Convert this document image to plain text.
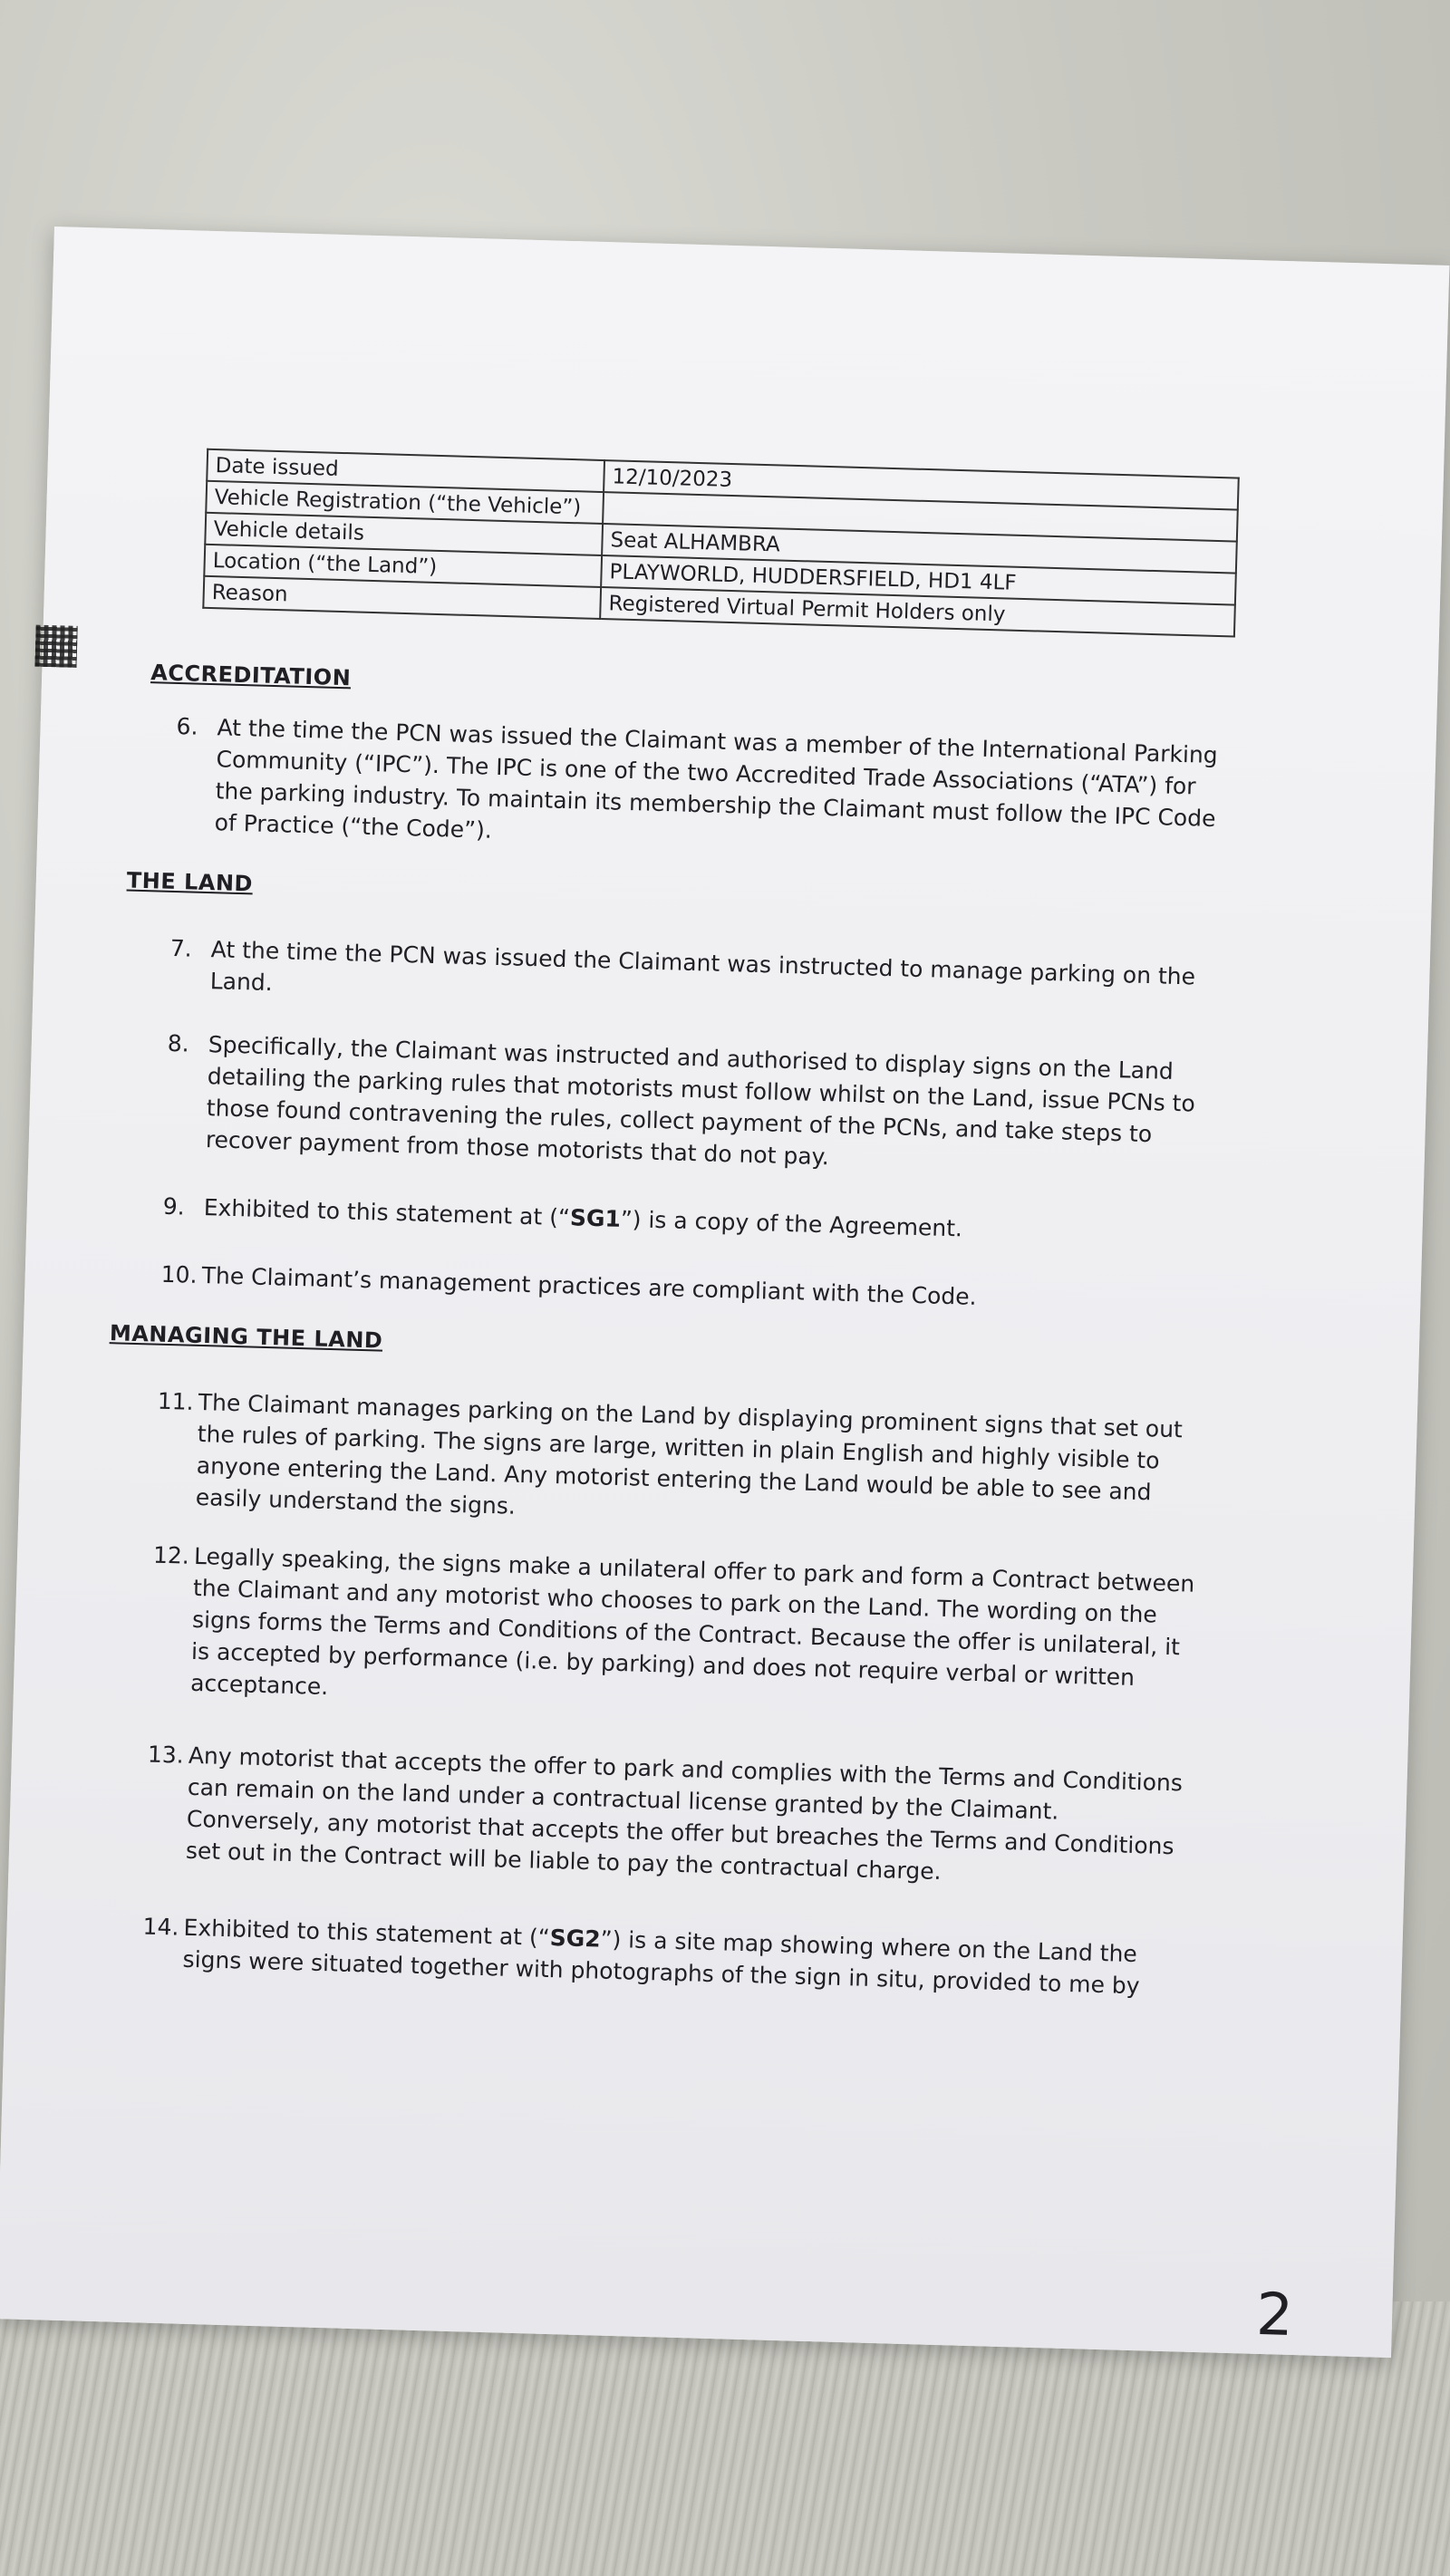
Date issued	12/10/2023
Vehicle Registration (“the Vehicle”)	
Vehicle details	Seat ALHAMBRA
Location (“the Land”)	PLAYWORLD, HUDDERSFIELD, HD1 4LF
Reason	Registered Virtual Permit Holders only
ACCREDITATION
6. At the time the PCN was issued the Claimant was a member of the International Parking Community (“IPC”). The IPC is one of the two Accredited Trade Associations (“ATA”) for the parking industry. To maintain its membership the Claimant must follow the IPC Code of Practice (“the Code”).
THE LAND
7. At the time the PCN was issued the Claimant was instructed to manage parking on the Land.
8. Specifically, the Claimant was instructed and authorised to display signs on the Land detailing the parking rules that motorists must follow whilst on the Land, issue PCNs to those found contravening the rules, collect payment of the PCNs, and take steps to recover payment from those motorists that do not pay.
9. Exhibited to this statement at (“SG1”) is a copy of the Agreement.
10. The Claimant’s management practices are compliant with the Code.
MANAGING THE LAND
11. The Claimant manages parking on the Land by displaying prominent signs that set out the rules of parking. The signs are large, written in plain English and highly visible to anyone entering the Land. Any motorist entering the Land would be able to see and easily understand the signs.
12. Legally speaking, the signs make a unilateral offer to park and form a Contract between the Claimant and any motorist who chooses to park on the Land. The wording on the signs forms the Terms and Conditions of the Contract. Because the offer is unilateral, it is accepted by performance (i.e. by parking) and does not require verbal or written acceptance.
13. Any motorist that accepts the offer to park and complies with the Terms and Conditions can remain on the land under a contractual license granted by the Claimant. Conversely, any motorist that accepts the offer but breaches the Terms and Conditions set out in the Contract will be liable to pay the contractual charge.
14. Exhibited to this statement at (“SG2”) is a site map showing where on the Land the signs were situated together with photographs of the sign in situ, provided to me by
2
